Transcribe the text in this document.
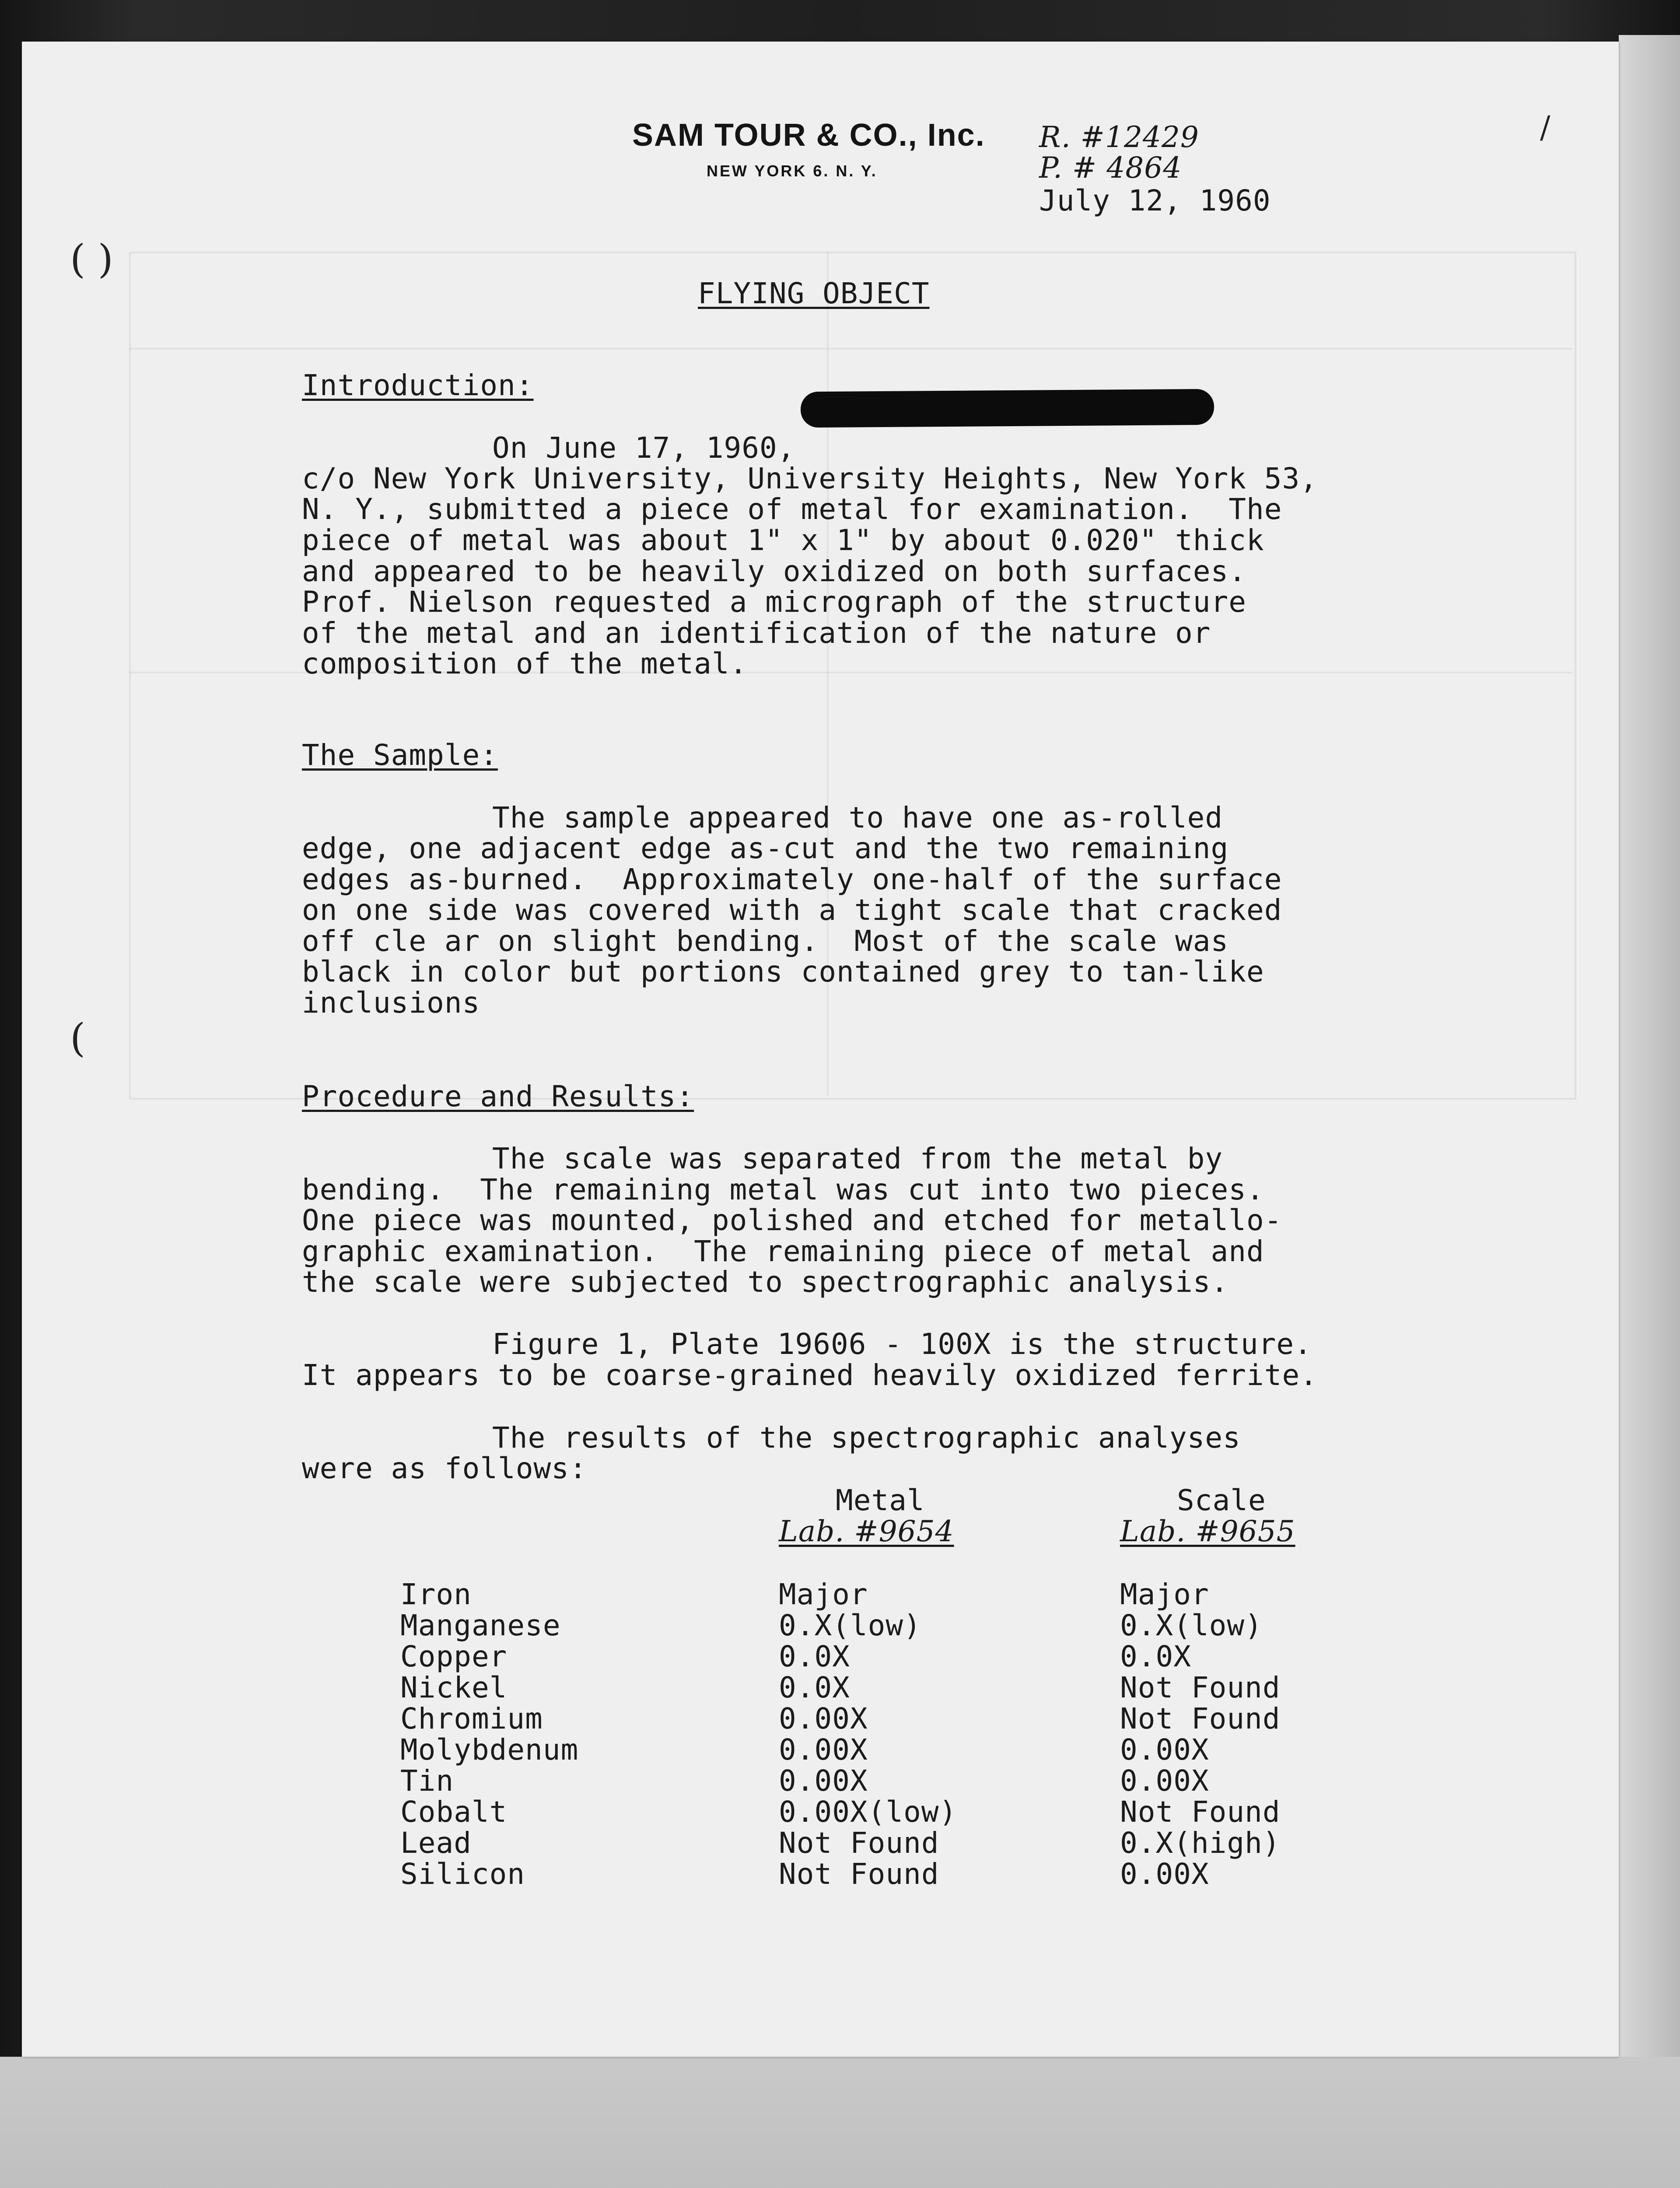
( )
(
/
SAM TOUR & CO., Inc.
NEW YORK 6. N. Y.
R. #12429
P. # 4864
July 12, 1960
FLYING OBJECT
Introduction:
On June 17, 1960,
c/o New York University, University Heights, New York 53,
N. Y., submitted a piece of metal for examination.  The
piece of metal was about 1" x 1" by about 0.020" thick
and appeared to be heavily oxidized on both surfaces.
Prof. Nielson requested a micrograph of the structure
of the metal and an identification of the nature or
composition of the metal.
The Sample:
The sample appeared to have one as-rolled
edge, one adjacent edge as-cut and the two remaining
edges as-burned.  Approximately one-half of the surface
on one side was covered with a tight scale that cracked
off cle ar on slight bending.  Most of the scale was
black in color but portions contained grey to tan-like
inclusions
Procedure and Results:
The scale was separated from the metal by
bending.  The remaining metal was cut into two pieces.
One piece was mounted, polished and etched for metallo-
graphic examination.  The remaining piece of metal and
the scale were subjected to spectrographic analysis.
Figure 1, Plate 19606 - 100X is the structure.
It appears to be coarse-grained heavily oxidized ferrite.
The results of the spectrographic analyses
were as follows:
Metal
Lab. #9654
Scale
Lab. #9655
Iron	Major	Major
Manganese	0.X(low)	0.X(low)
Copper	0.0X	0.0X
Nickel	0.0X	Not Found
Chromium	0.00X	Not Found
Molybdenum	0.00X	0.00X
Tin	0.00X	0.00X
Cobalt	0.00X(low)	Not Found
Lead	Not Found	0.X(high)
Silicon	Not Found	0.00X
